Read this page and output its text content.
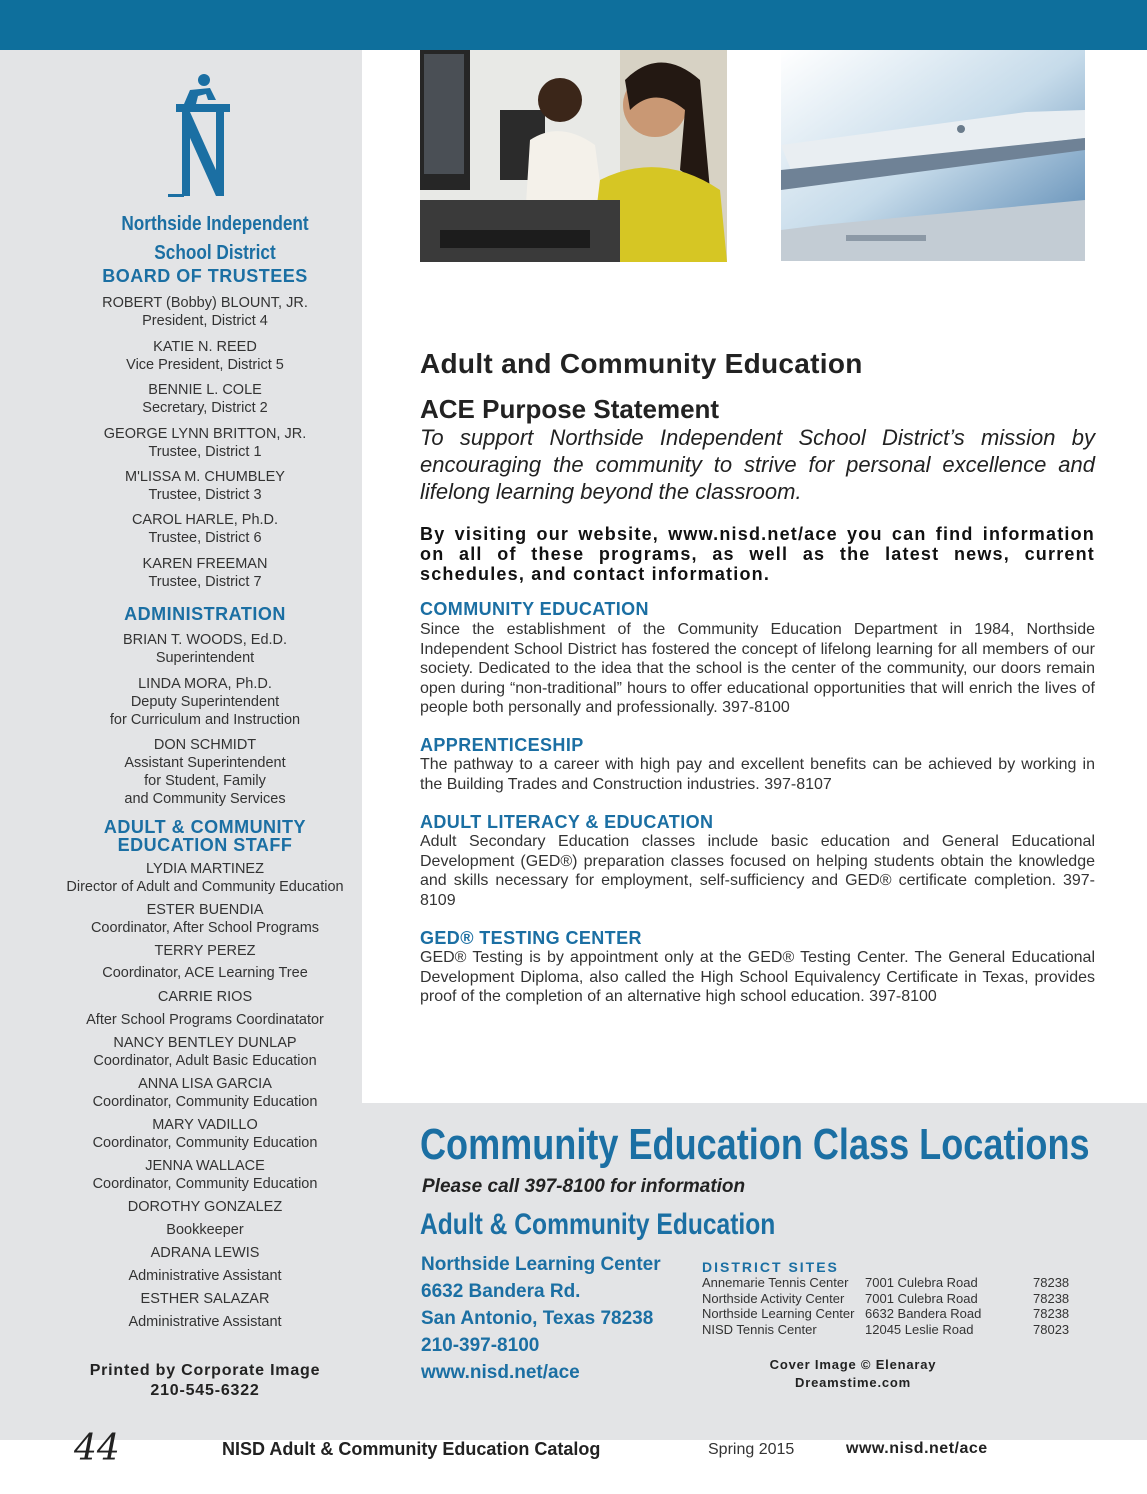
Northside Independent
School District
BOARD OF TRUSTEES
ROBERT (Bobby) BLOUNT, JR.
President, District 4
KATIE N. REED
Vice President, District 5
BENNIE L. COLE
Secretary, District 2
GEORGE LYNN BRITTON, JR.
Trustee, District 1
M'LISSA M. CHUMBLEY
Trustee, District 3
CAROL HARLE, Ph.D.
Trustee, District 6
KAREN FREEMAN
Trustee, District 7
ADMINISTRATION
BRIAN T. WOODS, Ed.D.
Superintendent
LINDA MORA, Ph.D.
Deputy Superintendent
for Curriculum and Instruction
DON SCHMIDT
Assistant Superintendent
for Student, Family
and Community Services
ADULT & COMMUNITY
EDUCATION STAFF
LYDIA MARTINEZ
Director of Adult and Community Education
ESTER BUENDIA
Coordinator, After School Programs
TERRY PEREZ
Coordinator, ACE Learning Tree
CARRIE RIOS
After School Programs Coordinatator
NANCY BENTLEY DUNLAP
Coordinator, Adult Basic Education
ANNA LISA GARCIA
Coordinator, Community Education
MARY VADILLO
Coordinator, Community Education
JENNA WALLACE
Coordinator, Community Education
DOROTHY GONZALEZ
Bookkeeper
ADRANA LEWIS
Administrative Assistant
ESTHER SALAZAR
Administrative Assistant
Printed by Corporate Image
210-545-6322
Adult and Community Education
ACE Purpose Statement
To support Northside Independent School District’s mission by encouraging the community to strive for personal excellence and lifelong learning beyond the classroom.
By visiting our website, www.nisd.net/ace you can find information on all of these programs, as well as the latest news, current schedules, and contact information.
COMMUNITY EDUCATION
Since the establishment of the Community Education Department in 1984, Northside Independent School District has fostered the concept of lifelong learning for all members of our society. Dedicated to the idea that the school is the center of the community, our doors remain open during “non-traditional” hours to offer educational opportunities that will enrich the lives of people both personally and professionally. 397-8100
APPRENTICESHIP
The pathway to a career with high pay and excellent benefits can be achieved by working in the Building Trades and Construction industries. 397-8107
ADULT LITERACY & EDUCATION
Adult Secondary Education classes include basic education and General Educational Development (GED®) preparation classes focused on helping students obtain the knowledge and skills necessary for employment, self-sufficiency and GED® certificate completion. 397-8109
GED® TESTING CENTER
GED® Testing is by appointment only at the GED® Testing Center. The General Educational Development Diploma, also called the High School Equivalency Certificate in Texas, provides proof of the completion of an alternative high school education. 397-8100
Community Education Class Locations
Please call 397-8100 for information
Adult & Community Education
Northside Learning Center
6632 Bandera Rd.
San Antonio, Texas 78238
210-397-8100
www.nisd.net/ace
DISTRICT SITES
Annemarie Tennis Center 7001 Culebra Road	78238
Northside Activity Center 7001 Culebra Road	78238
Northside Learning Center 6632 Bandera Road	78238
NISD Tennis Center	12045 Leslie Road	78023
Cover Image © Elenaray
Dreamstime.com
44	NISD Adult & Community Education Catalog	Spring 2015	www.nisd.net/ace
